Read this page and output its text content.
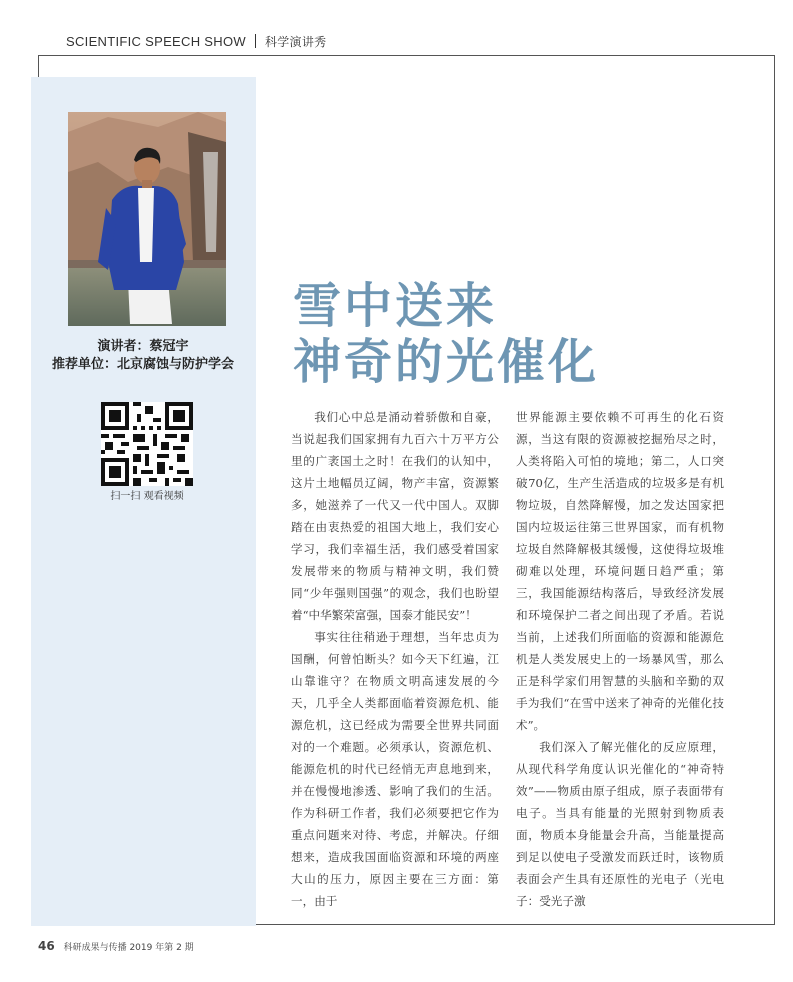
SCIENTIFIC SPEECH SHOW 科学演讲秀
演讲者：蔡冠宇
推荐单位：北京腐蚀与防护学会
扫一扫 观看视频
雪中送来
神奇的光催化

我们心中总是涌动着骄傲和自豪，当说起我们国家拥有九百六十万平方公里的广袤国土之时！在我们的认知中，这片土地幅员辽阔，物产丰富，资源繁多，她滋养了一代又一代中国人。双脚踏在由衷热爱的祖国大地上，我们安心学习，我们幸福生活，我们感受着国家发展带来的物质与精神文明，我们赞同“少年强则国强”的观念，我们也盼望着“中华繁荣富强，国泰才能民安”！

事实往往稍逊于理想，当年忠贞为国酬，何曾怕断头？如今天下红遍，江山靠谁守？在物质文明高速发展的今天，几乎全人类都面临着资源危机、能源危机，这已经成为需要全世界共同面对的一个难题。必须承认，资源危机、能源危机的时代已经悄无声息地到来，并在慢慢地渗透、影响了我们的生活。作为科研工作者，我们必须要把它作为重点问题来对待、考虑，并解决。仔细想来，造成我国面临资源和环境的两座大山的压力，原因主要在三方面：第一，由于

世界能源主要依赖不可再生的化石资源，当这有限的资源被挖掘殆尽之时，人类将陷入可怕的境地；第二，人口突破70亿，生产生活造成的垃圾多是有机物垃圾，自然降解慢，加之发达国家把国内垃圾运往第三世界国家，而有机物垃圾自然降解极其缓慢，这使得垃圾堆砌难以处理，环境问题日趋严重；第三，我国能源结构落后，导致经济发展和环境保护二者之间出现了矛盾。若说当前，上述我们所面临的资源和能源危机是人类发展史上的一场暴风雪，那么正是科学家们用智慧的头脑和辛勤的双手为我们“在雪中送来了神奇的光催化技术”。

我们深入了解光催化的反应原理，从现代科学角度认识光催化的“神奇特效”——物质由原子组成，原子表面带有电子。当具有能量的光照射到物质表面，物质本身能量会升高，当能量提高到足以使电子受激发而跃迁时，该物质表面会产生具有还原性的光电子（光电子：受光子激

46 科研成果与传播 2019 年第 2 期
